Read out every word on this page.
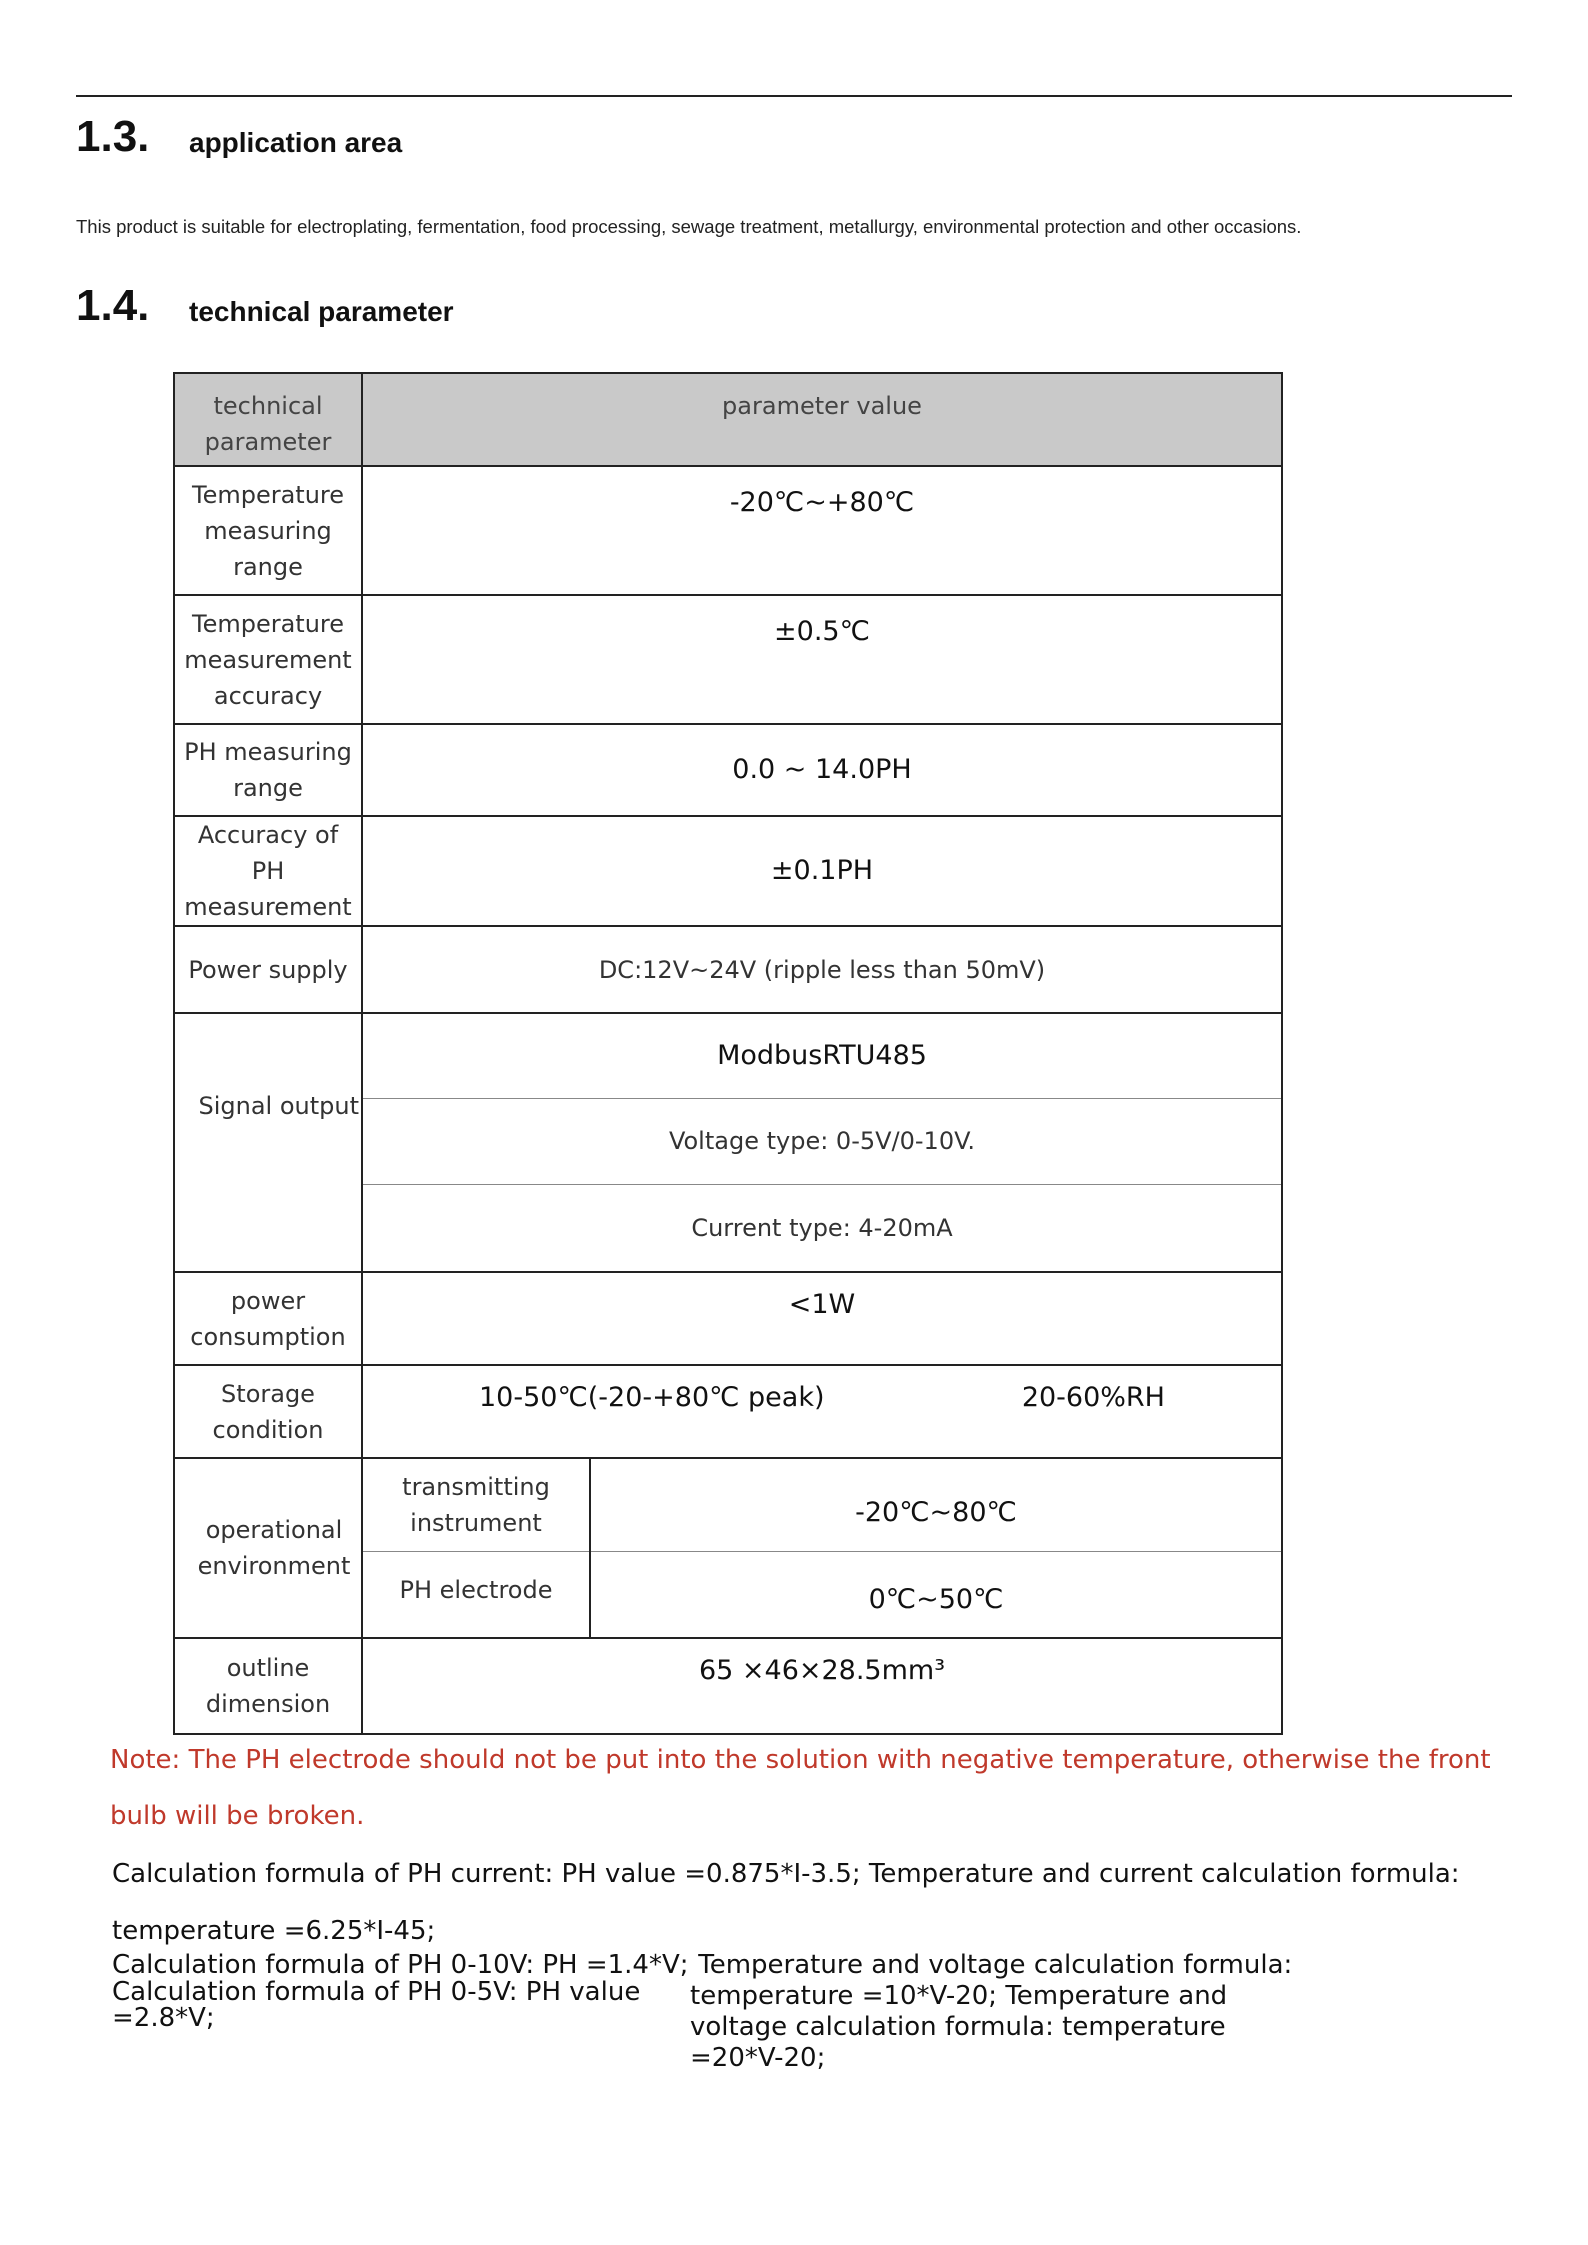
1.3. application area
This product is suitable for electroplating, fermentation, food processing, sewage treatment, metallurgy, environmental protection and other occasions.
1.4. technical parameter
technical parameter	parameter value	
Temperature measuring range	-20℃~+80℃	
Temperature measurement accuracy	±0.5℃	
PH measuring range	0.0 ~ 14.0PH	
Accuracy of PH measurement	±0.1PH	
Power supply	DC:12V~24V (ripple less than 50mV)	
Signal output	ModbusRTU485	
	Voltage type: 0-5V/0-10V.	
	Current type: 4-20mA	
power consumption	<1W	
Storage condition	10-50℃(-20-+80℃ peak) 20-60%RH	

operational environment	transmitting instrument	-20℃~80℃
	PH electrode	0℃~50℃
outline dimension	65 ×46×28.5mm³	
Note: The PH electrode should not be put into the solution with negative temperature, otherwise the front
bulb will be broken.
Calculation formula of PH current: PH value =0.875*I-3.5; Temperature and current calculation formula:
temperature =6.25*I-45;
Calculation formula of PH 0-10V: PH =1.4*V;
Calculation formula of PH 0-5V: PH value
=2.8*V;
Temperature and voltage calculation formula:
temperature =10*V-20; Temperature and
voltage calculation formula: temperature
=20*V-20;
